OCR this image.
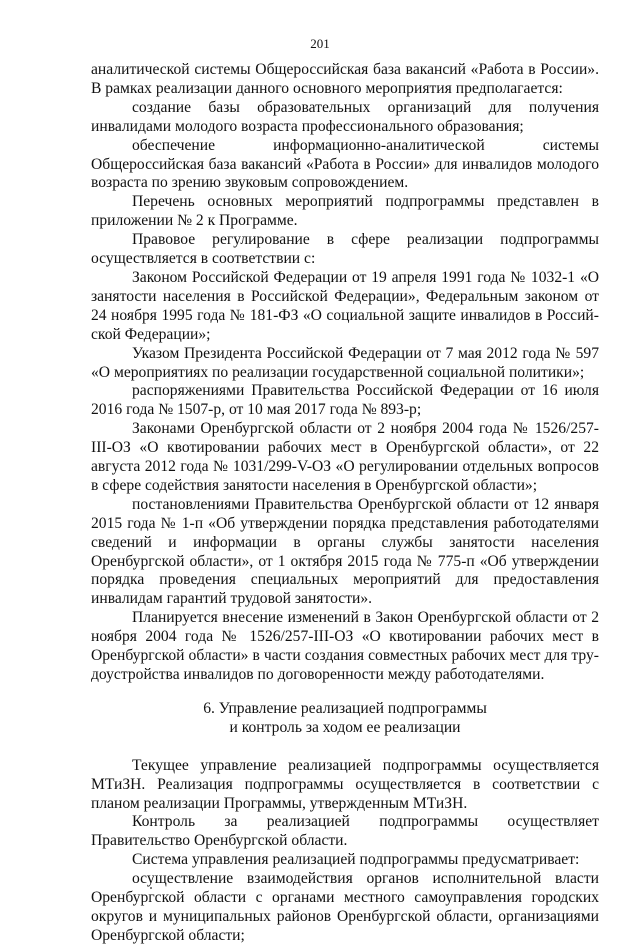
201

аналитической системы Общероссийская база вакансий «Работа в России». В рамках реализации данного основного мероприятия предполагается:

создание базы образовательных организаций для получения инвалидами молодого возраста профессионального образования;

обеспечение информационно-аналитической системы Общероссийская база вакансий «Работа в России» для инвалидов молодого возраста по зрению звуковым сопровождением.

Перечень основных мероприятий подпрограммы представлен в приложении № 2 к Программе.

Правовое регулирование в сфере реализации подпрограммы осуществляется в соответствии с:

Законом Российской Федерации от 19 апреля 1991 года № 1032-1 «О занятости населения в Российской Федерации», Федеральным законом от 24 ноября 1995 года № 181-ФЗ «О социальной защите инвалидов в Российской Федерации»;

Указом Президента Российской Федерации от 7 мая 2012 года № 597 «О мероприятиях по реализации государственной социальной политики»;

распоряжениями Правительства Российской Федерации от 16 июля 2016 года № 1507-р, от 10 мая 2017 года № 893-р;

Законами Оренбургской области от 2 ноября 2004 года № 1526/257-III-ОЗ «О квотировании рабочих мест в Оренбургской области», от 22 августа 2012 года № 1031/299-V-ОЗ «О регулировании отдельных вопросов в сфере содействия занятости населения в Оренбургской области»;

постановлениями Правительства Оренбургской области от 12 января 2015 года № 1-п «Об утверждении порядка представления работодателями сведений и информации в органы службы занятости населения Оренбургской области», от 1 октября 2015 года № 775-п «Об утверждении порядка проведения специальных мероприятий для предоставления инвалидам гарантий трудовой занятости».

Планируется внесение изменений в Закон Оренбургской области от 2 ноября 2004 года № 1526/257-III-ОЗ «О квотировании рабочих мест в Оренбургской области» в части создания совместных рабочих мест для трудоустройства инвалидов по договоренности между работодателями.

6. Управление реализацией подпрограммы
и контроль за ходом ее реализации

Текущее управление реализацией подпрограммы осуществляется МТиЗН. Реализация подпрограммы осуществляется в соответствии с планом реализации Программы, утвержденным МТиЗН.

Контроль за реализацией подпрограммы осуществляет Правительство Оренбургской области.

Система управления реализацией подпрограммы предусматривает:

осуществление взаимодействия органов исполнительной власти Оренбургской области с органами местного самоуправления городских округов и муниципальных районов Оренбургской области, организациями Оренбургской области;
